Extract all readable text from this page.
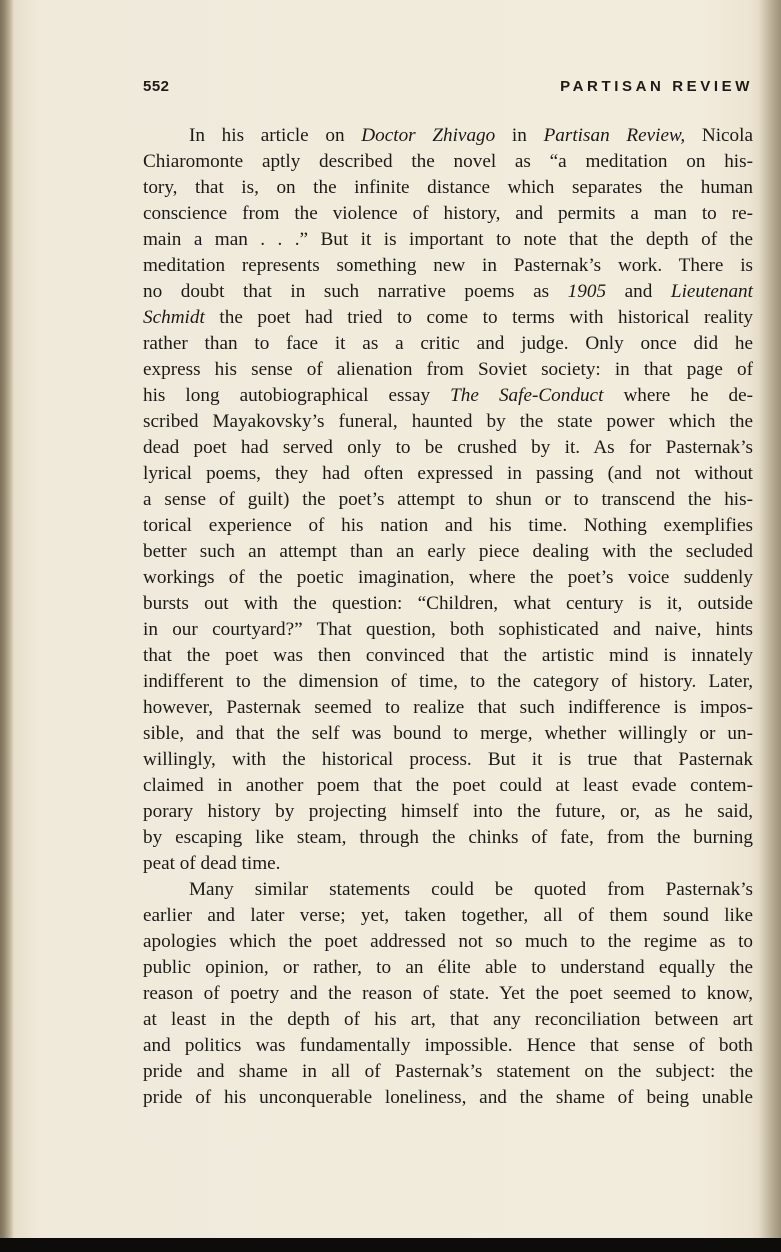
552	PARTISAN REVIEW
In his article on Doctor Zhivago in Partisan Review, Nicola
Chiaromonte aptly described the novel as “a meditation on his-
tory, that is, on the infinite distance which separates the human
conscience from the violence of history, and permits a man to re-
main a man . . .” But it is important to note that the depth of the
meditation represents something new in Pasternak’s work. There is
no doubt that in such narrative poems as 1905 and Lieutenant
Schmidt the poet had tried to come to terms with historical reality
rather than to face it as a critic and judge. Only once did he
express his sense of alienation from Soviet society: in that page of
his long autobiographical essay The Safe-Conduct where he de-
scribed Mayakovsky’s funeral, haunted by the state power which the
dead poet had served only to be crushed by it. As for Pasternak’s
lyrical poems, they had often expressed in passing (and not without
a sense of guilt) the poet’s attempt to shun or to transcend the his-
torical experience of his nation and his time. Nothing exemplifies
better such an attempt than an early piece dealing with the secluded
workings of the poetic imagination, where the poet’s voice suddenly
bursts out with the question: “Children, what century is it, outside
in our courtyard?” That question, both sophisticated and naive, hints
that the poet was then convinced that the artistic mind is innately
indifferent to the dimension of time, to the category of history. Later,
however, Pasternak seemed to realize that such indifference is impos-
sible, and that the self was bound to merge, whether willingly or un-
willingly, with the historical process. But it is true that Pasternak
claimed in another poem that the poet could at least evade contem-
porary history by projecting himself into the future, or, as he said,
by escaping like steam, through the chinks of fate, from the burning
peat of dead time.
Many similar statements could be quoted from Pasternak’s
earlier and later verse; yet, taken together, all of them sound like
apologies which the poet addressed not so much to the regime as to
public opinion, or rather, to an élite able to understand equally the
reason of poetry and the reason of state. Yet the poet seemed to know,
at least in the depth of his art, that any reconciliation between art
and politics was fundamentally impossible. Hence that sense of both
pride and shame in all of Pasternak’s statement on the subject: the
pride of his unconquerable loneliness, and the shame of being unable
